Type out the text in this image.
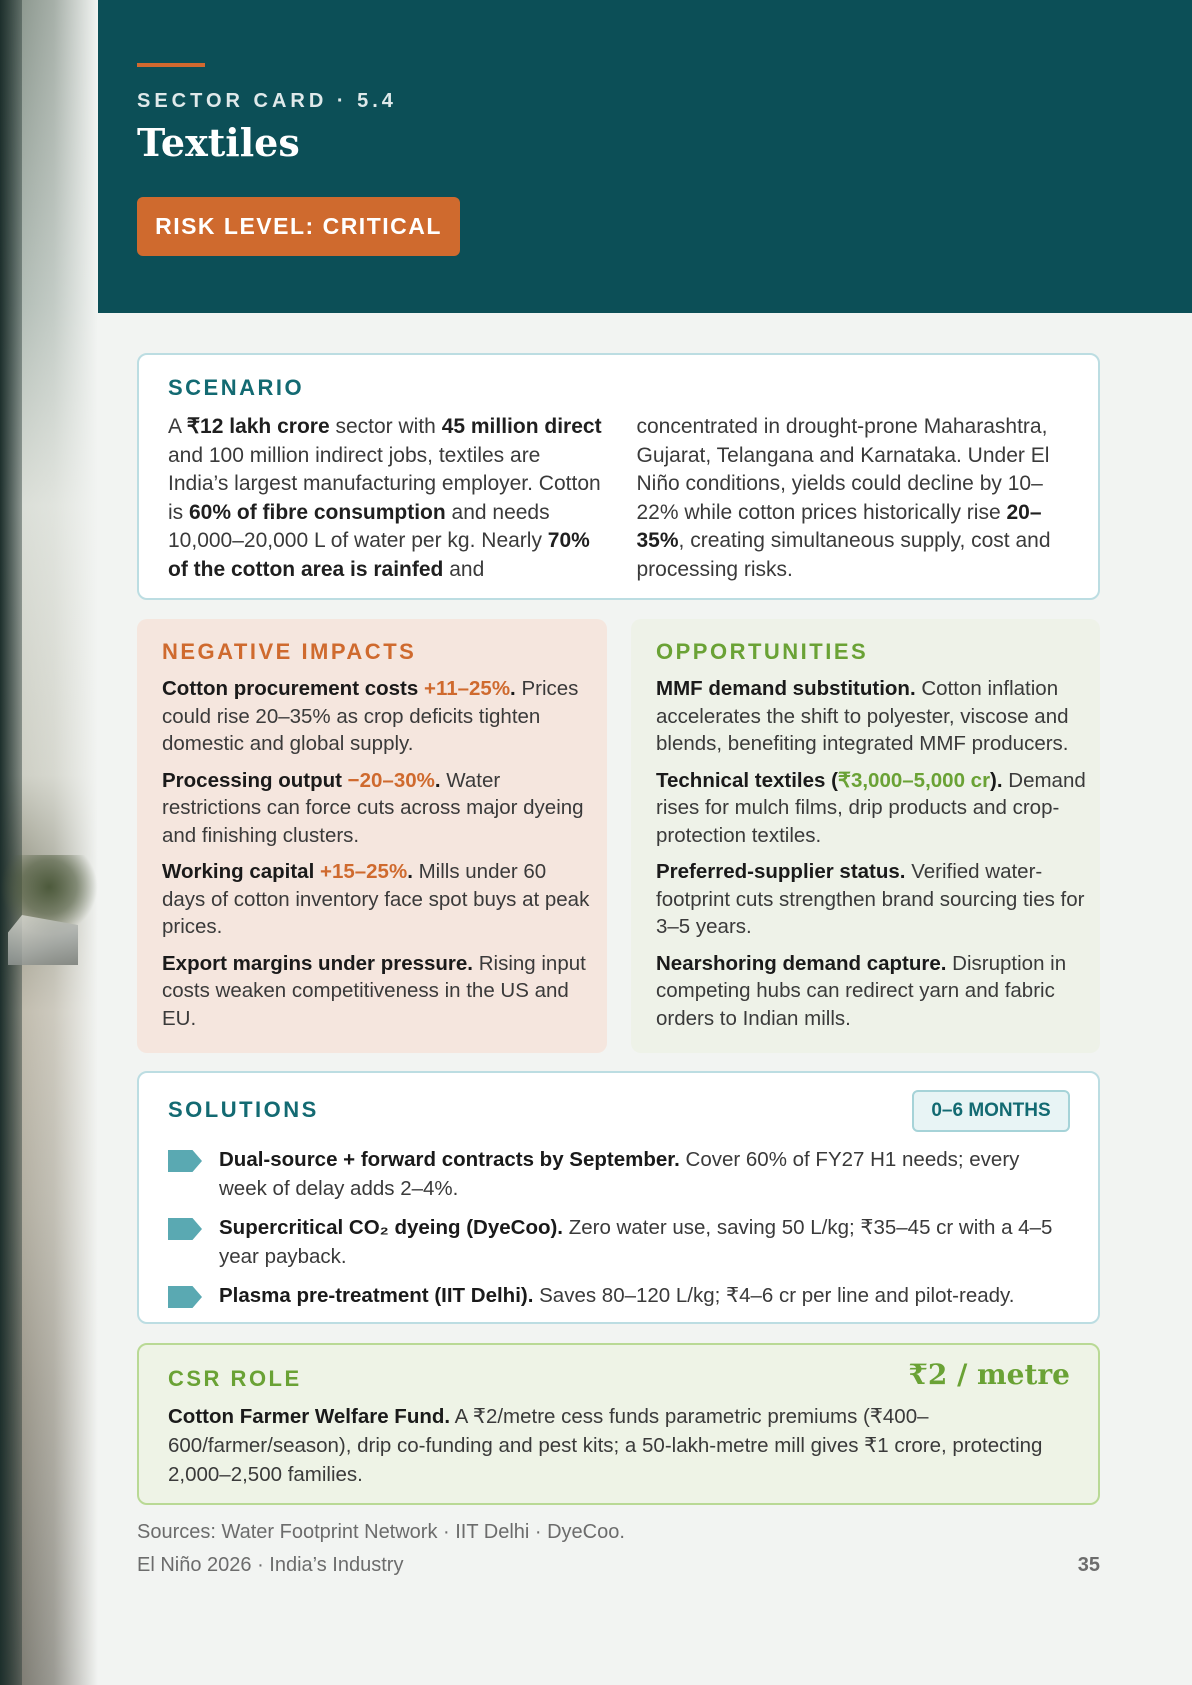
SECTOR CARD · 5.4
Textiles
RISK LEVEL: CRITICAL
SCENARIO
A ₹12 lakh crore sector with 45 million direct and 100 million indirect jobs, textiles are India’s largest manufacturing employer. Cotton is 60% of fibre consumption and needs 10,000–20,000 L of water per kg. Nearly 70% of the cotton area is rainfed and concentrated in drought-prone Maharashtra, Gujarat, Telangana and Karnataka. Under El Niño conditions, yields could decline by 10–22% while cotton prices historically rise 20–35%, creating simultaneous supply, cost and processing risks.
NEGATIVE IMPACTS
Cotton procurement costs +11–25%. Prices could rise 20–35% as crop deficits tighten domestic and global supply.
Processing output −20–30%. Water restrictions can force cuts across major dyeing and finishing clusters.
Working capital +15–25%. Mills under 60 days of cotton inventory face spot buys at peak prices.
Export margins under pressure. Rising input costs weaken competitiveness in the US and EU.
OPPORTUNITIES
MMF demand substitution. Cotton inflation accelerates the shift to polyester, viscose and blends, benefiting integrated MMF producers.
Technical textiles (₹3,000–5,000 cr). Demand rises for mulch films, drip products and crop-protection textiles.
Preferred-supplier status. Verified water-footprint cuts strengthen brand sourcing ties for 3–5 years.
Nearshoring demand capture. Disruption in competing hubs can redirect yarn and fabric orders to Indian mills.
SOLUTIONS	0–6 MONTHS
Dual-source + forward contracts by September. Cover 60% of FY27 H1 needs; every week of delay adds 2–4%.
Supercritical CO₂ dyeing (DyeCoo). Zero water use, saving 50 L/kg; ₹35–45 cr with a 4–5 year payback.
Plasma pre-treatment (IIT Delhi). Saves 80–120 L/kg; ₹4–6 cr per line and pilot-ready.
CSR ROLE	₹2 / metre
Cotton Farmer Welfare Fund. A ₹2/metre cess funds parametric premiums (₹400–600/farmer/season), drip co-funding and pest kits; a 50-lakh-metre mill gives ₹1 crore, protecting 2,000–2,500 families.
Sources: Water Footprint Network · IIT Delhi · DyeCoo.
El Niño 2026 · India’s Industry	35
